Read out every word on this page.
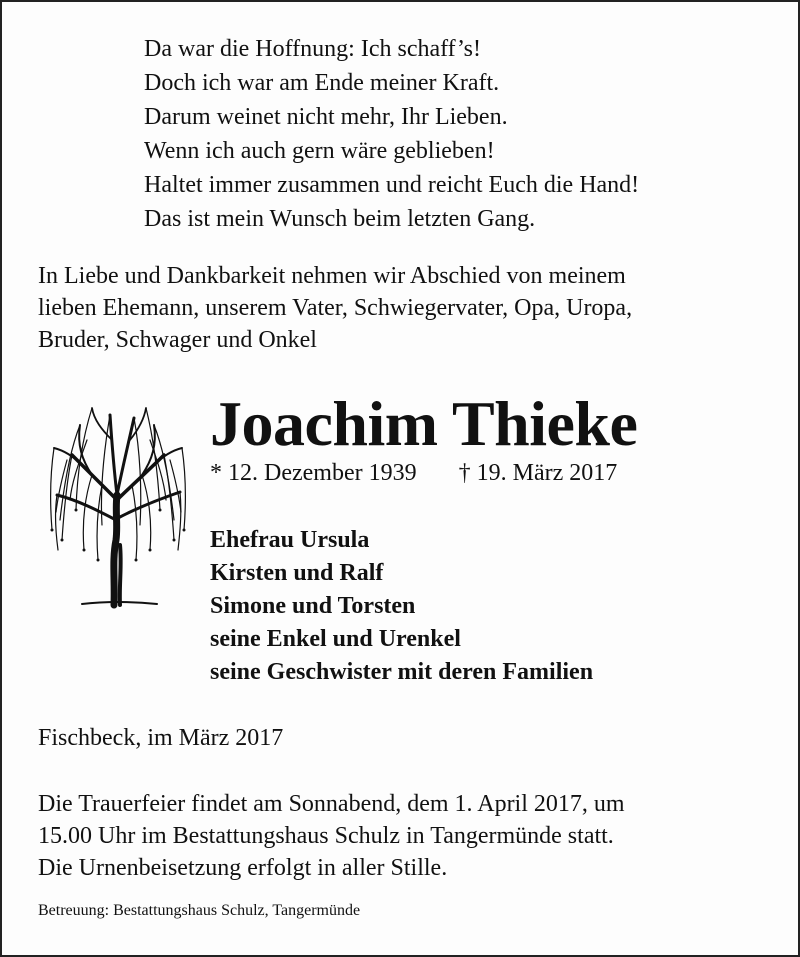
Da war die Hoffnung: Ich schaff’s!
Doch ich war am Ende meiner Kraft.
Darum weinet nicht mehr, Ihr Lieben.
Wenn ich auch gern wäre geblieben!
Haltet immer zusammen und reicht Euch die Hand!
Das ist mein Wunsch beim letzten Gang.
In Liebe und Dankbarkeit nehmen wir Abschied von meinem
lieben Ehemann, unserem Vater, Schwiegervater, Opa, Uropa,
Bruder, Schwager und Onkel
Joachim Thieke
* 12. Dezember 1939 † 19. März 2017
Ehefrau Ursula
Kirsten und Ralf
Simone und Torsten
seine Enkel und Urenkel
seine Geschwister mit deren Familien
Fischbeck, im März 2017
Die Trauerfeier findet am Sonnabend, dem 1. April 2017, um
15.00 Uhr im Bestattungshaus Schulz in Tangermünde statt.
Die Urnenbeisetzung erfolgt in aller Stille.
Betreuung: Bestattungshaus Schulz, Tangermünde
